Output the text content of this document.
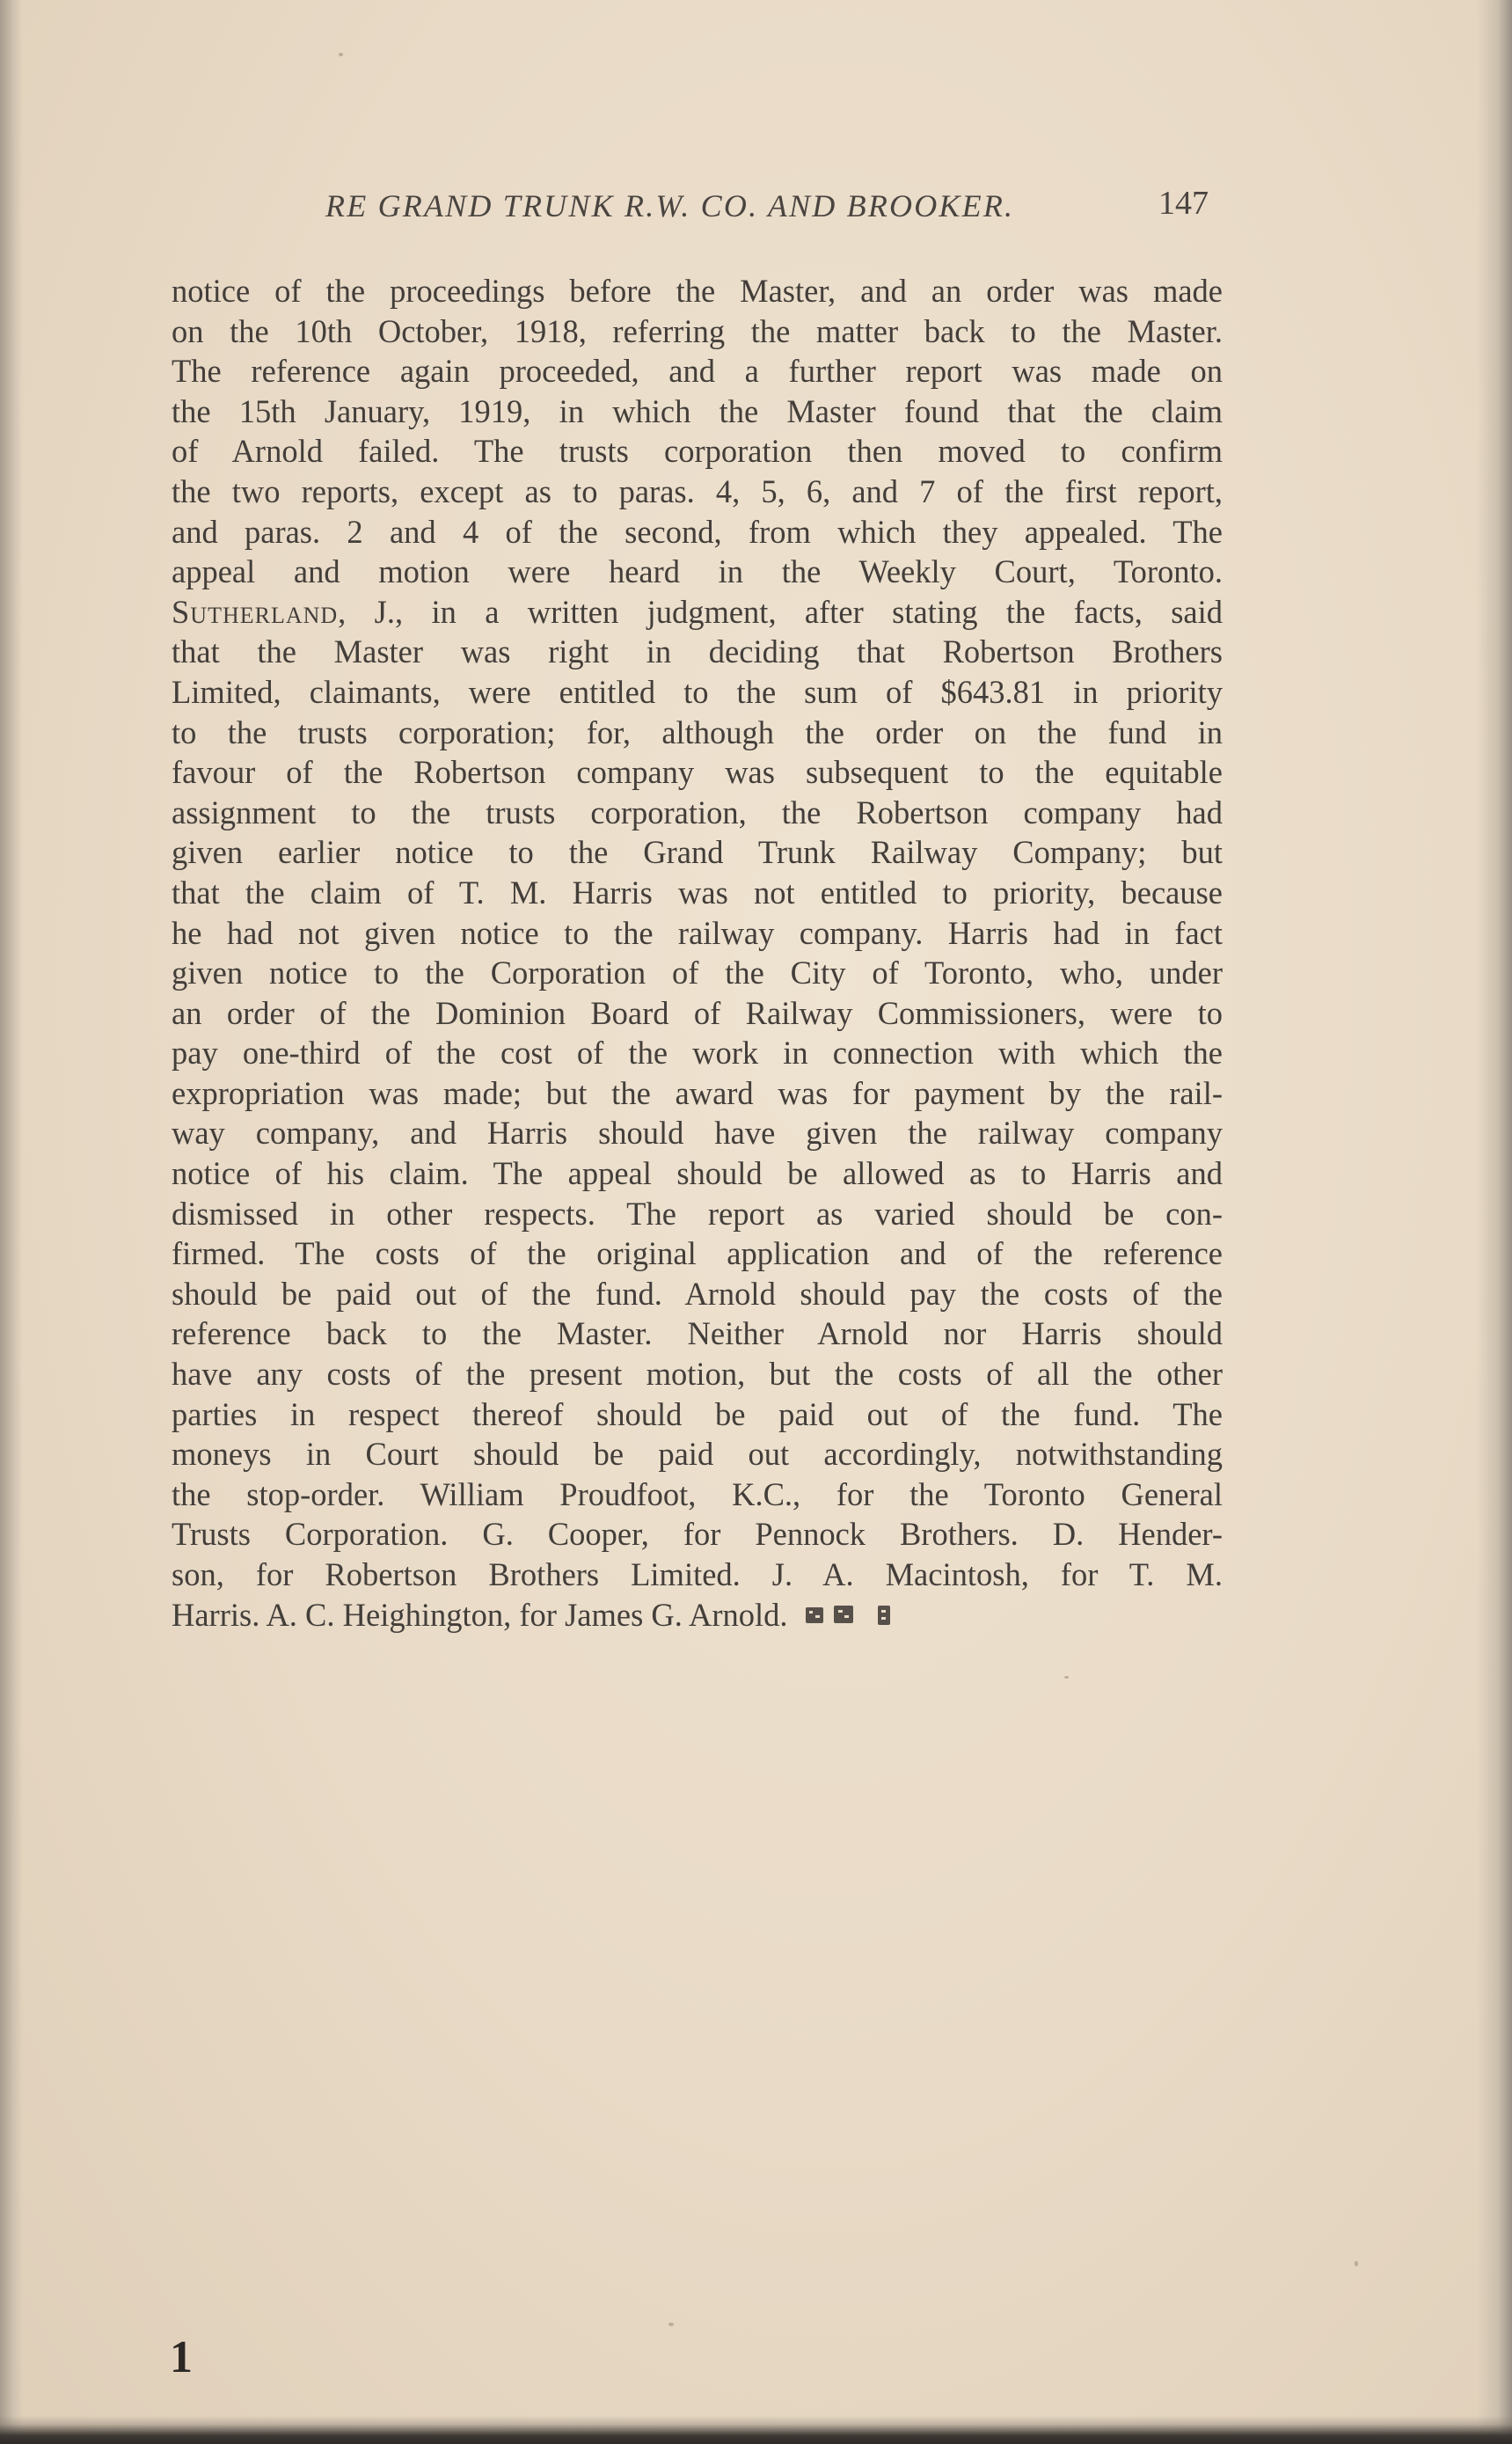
RE GRAND TRUNK R.W. CO. AND BROOKER.	147
notice of the proceedings before the Master, and an order was made
on the 10th October, 1918, referring the matter back to the Master.
The reference again proceeded, and a further report was made on
the 15th January, 1919, in which the Master found that the claim
of Arnold failed. The trusts corporation then moved to confirm
the two reports, except as to paras. 4, 5, 6, and 7 of the first report,
and paras. 2 and 4 of the second, from which they appealed. The
appeal and motion were heard in the Weekly Court, Toronto.
Sutherland, J., in a written judgment, after stating the facts, said
that the Master was right in deciding that Robertson Brothers
Limited, claimants, were entitled to the sum of $643.81 in priority
to the trusts corporation; for, although the order on the fund in
favour of the Robertson company was subsequent to the equitable
assignment to the trusts corporation, the Robertson company had
given earlier notice to the Grand Trunk Railway Company; but
that the claim of T. M. Harris was not entitled to priority, because
he had not given notice to the railway company. Harris had in fact
given notice to the Corporation of the City of Toronto, who, under
an order of the Dominion Board of Railway Commissioners, were to
pay one-third of the cost of the work in connection with which the
expropriation was made; but the award was for payment by the rail-
way company, and Harris should have given the railway company
notice of his claim. The appeal should be allowed as to Harris and
dismissed in other respects. The report as varied should be con-
firmed. The costs of the original application and of the reference
should be paid out of the fund. Arnold should pay the costs of the
reference back to the Master. Neither Arnold nor Harris should
have any costs of the present motion, but the costs of all the other
parties in respect thereof should be paid out of the fund. The
moneys in Court should be paid out accordingly, notwithstanding
the stop-order. William Proudfoot, K.C., for the Toronto General
Trusts Corporation. G. Cooper, for Pennock Brothers. D. Hender-
son, for Robertson Brothers Limited. J. A. Macintosh, for T. M.
Harris. A. C. Heighington, for James G. Arnold.
1
